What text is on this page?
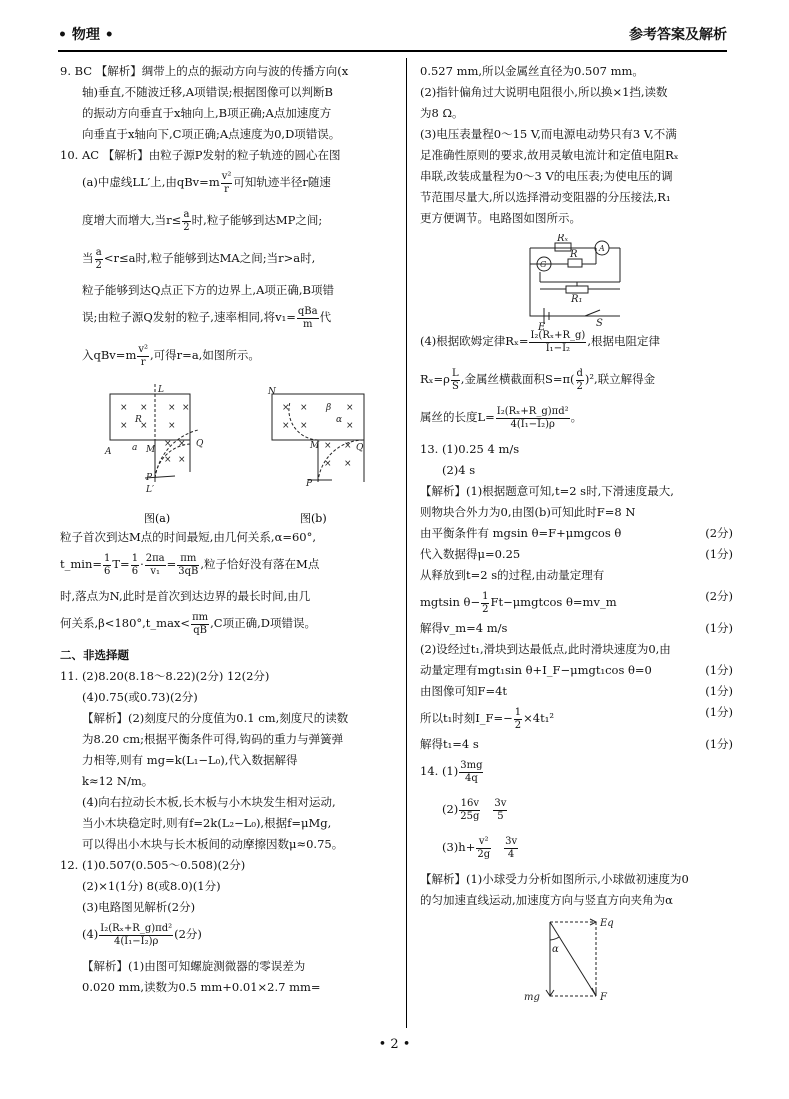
• 物理 •	参考答案及解析
9. BC 【解析】绸带上的点的振动方向与波的传播方向(x
轴)垂直,不随波迁移,A项错误;根据图像可以判断B
的振动方向垂直于x轴向上,B项正确;A点加速度方
向垂直于x轴向下,C项正确;A点速度为0,D项错误。
10. AC 【解析】由粒子源P发射的粒子轨迹的圆心在图
(a)中虚线LL′上,由$qBv=m \frac{\text{v²}}{r}$ 可知轨迹半径r随速
度增大而增大,当$r\le \frac{a}{2}$ 时,粒子能够到达MP之间;
当 $\frac{a}{2} <r\le a$时,粒子能够到达MA之间;当r>a时,
粒子能够到达Q点正下方的边界上,A项正确,B项错
误;由粒子源Q发射的粒子,速率相同,将v₁= qBa
m 代
入$qBv=m \frac{\text{v²}}{r}$ ,可得r=a,如图所示。
× × × ×
× × ×
× ×
× ×
L
A a M
Q
P
L′
R
图(a)
× ×	×
× ×	×
× ×
× ×
N
M	Q
P
β
α
图(b)
粒子首次到达M点的时间最短,由几何关系,α=60°,
t_min= $\frac{1}{6} T= \frac{1}{6} \cdot \frac{2\pi a}{\text{v₁}} = \frac{\pi m}{3qB}$ ,粒子恰好没有落在M点
时,落点为N,此时是首次到达边界的最长时间,由几
何关系,β<180°,t_max< $\frac{\pi m}{qB} ,C$项正确,D项错误。
二、非选择题
11. (2)8.20(8.18～8.22)(2分) 12(2分)
(4)0.75(或0.73)(2分)
【解析】(2)刻度尺的分度值为0.1 cm,刻度尺的读数
为8.20 cm;根据平衡条件可得,钩码的重力与弹簧弹
力相等,则有 mg=k(L₁−L₀),代入数据解得
k≈12 N/m。
(4)向右拉动长木板,长木板与小木块发生相对运动,
当小木块稳定时,则有f=2k(L₂−L₀),根据f=μMg,
可以得出小木块与长木板间的动摩擦因数μ≈0.75。
12. (1)0.507(0.505～0.508)(2分)
(2)×1(1分) 8(或8.0)(1分)
(3)电路图见解析(2分)
$(4) \frac{\text{I₂(Rₓ+R\_g)πd²}}{\text{4(I₁−I₂)ρ}} (2$分)
【解析】(1)由图可知螺旋测微器的零误差为
0.020 mm,读数为0.5 mm+0.01×2.7 mm=
0.527 mm,所以金属丝直径为0.507 mm。
(2)指针偏角过大说明电阻很小,所以换×1挡,读数
为8 Ω。
(3)电压表量程0～15 V,而电源电动势只有3 V,不满
足准确性原则的要求,故用灵敏电流计和定值电阻Rₓ
串联,改装成量程为0～3 V的电压表;为使电压的调
节范围尽量大,所以选择滑动变阻器的分压接法,R₁
更方便调节。电路图如图所示。
Rₓ
R
G
A
R₁
E	S
(4)根据欧姆定律$R_x= \frac{\text{I₂(Rₓ+R\_g)}}{\text{I₁−I₂}}$ ,根据电阻定律
$R_x=\rho \frac{L}{S}$ ,金属丝横截面积$S=\pi( \frac{d}{2} )^2$,联立解得金
属丝的长度$L= \frac{\text{I₂(Rₓ+R\_g)πd²}}{\text{4(I₁−I₂)ρ}}$ 。
13. (1)0.25 4 m/s
(2)4 s
【解析】(1)根据题意可知,t=2 s时,下滑速度最大,
则物块合外力为0,由图(b)可知此时F=8 N
由平衡条件有 mgsin θ=F+μmgcos θ	(2分)
代入数据得μ=0.25	(1分)
从释放到t=2 s的过程,由动量定理有
mgtsin $\theta- \frac{1}{2} Ft-\mu mgtcos$ θ=mv_m	(2分)
解得v_m=4 m/s	(1分)
(2)设经过t₁,滑块到达最低点,此时滑块速度为0,由
动量定理有mgt₁sin θ+I_F−μmgt₁cos θ=0	(1分)
由图像可知F=4t	(1分)
所以t₁时刻I_F=− $\frac{1}{2} \times 4t_1^2$	(1分)
解得t₁=4 s	(1分)
14. $(1) \frac{3mg}{4q}$
$(2) \frac{16v}{25g}$
$\frac{3v}{5}$
$(3)h+ \frac{\text{v²}}{2g}$
$\frac{3v}{4}$
【解析】(1)小球受力分析如图所示,小球做初速度为0
的匀加速直线运动,加速度方向与竖直方向夹角为α
Eq
mg	F
α
• 2 •
